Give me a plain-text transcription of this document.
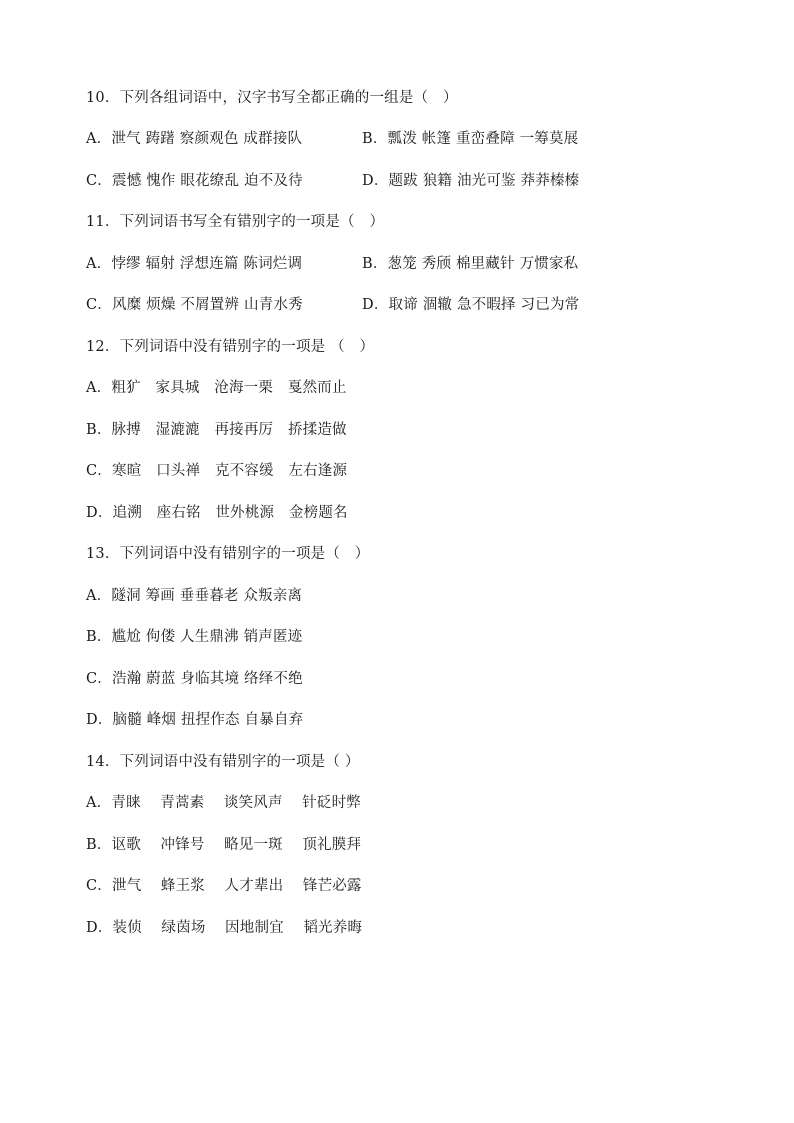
10．下列各组词语中，汉字书写全都正确的一组是（　）
A．泄气 踌躇 察颜观色 成群接队	B．瓢泼 帐篷 重峦叠障 一筹莫展
C．震憾 愧作 眼花缭乱 迫不及待	D．题跋 狼籍 油光可鉴 莽莽榛榛
11．下列词语书写全有错别字的一项是（　）
A．悖缪 辐射 浮想连篇 陈词烂调	B．葱笼 秀颀 棉里藏针 万惯家私
C．风糜 烦燥 不屑置辨 山青水秀	D．取谛 涸辙 急不暇择 习已为常
12．下列词语中没有错别字的一项是 （　）
A．粗犷　家具城　沧海一栗　戛然而止
B．脉搏　湿漉漉　再接再厉　挢揉造做
C．寒暄　口头禅　克不容缓　左右逢源
D．追溯　座右铭　世外桃源　金榜题名
13．下列词语中没有错别字的一项是（　）
A．隧洞 筹画 垂垂暮老 众叛亲离
B．尴尬 佝偻 人生鼎沸 销声匿迹
C．浩瀚 蔚蓝 身临其境 络绎不绝
D．脑髓 峰烟 扭捏作态 自暴自弃
14．下列词语中没有错别字的一项是（ ）
A．青睐　 青蒿素　 谈笑风声　 针砭时弊
B．讴歌　 冲锋号　 略见一斑　 顶礼膜拜
C．泄气　 蜂王浆　 人才辈出　 锋芒必露
D．装侦　 绿茵场　 因地制宜　 韬光养晦
